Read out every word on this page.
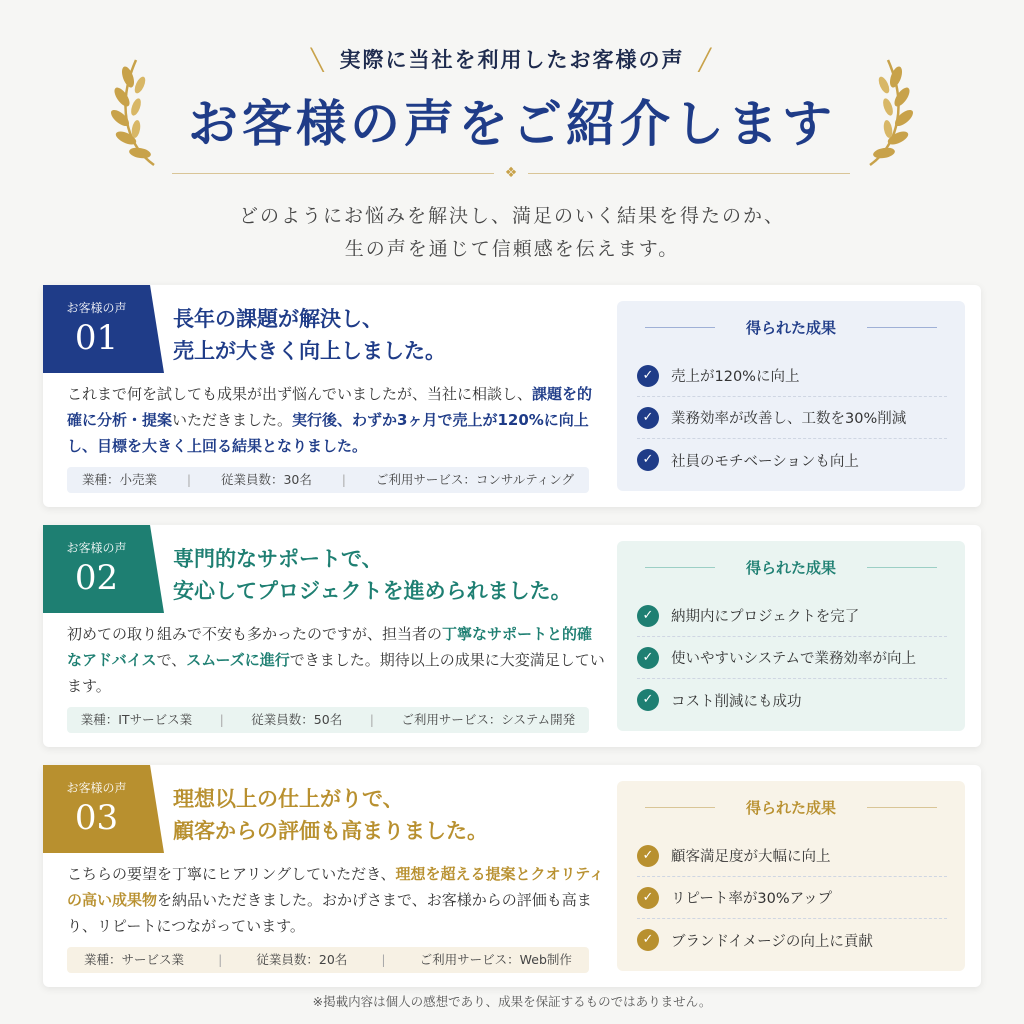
╲ 実際に当社を利用したお客様の声 ╱
お客様の声をご紹介します
❖
どのようにお悩みを解決し、満足のいく結果を得たのか、
生の声を通じて信頼感を伝えます。
お客様の声
01	長年の課題が解決し、
売上が大きく向上しました。
これまで何を試しても成果が出ず悩んでいましたが、当社に相談し、課題を的確に分析・提案いただきました。実行後、わずか3ヶ月で売上が120%に向上し、目標を大きく上回る結果となりました。
業種：小売業 | 従業員数：30名 | ご利用サービス：コンサルティング
得られた成果
✓	売上が120%に向上
✓	業務効率が改善し、工数を30%削減
✓	社員のモチベーションも向上
お客様の声
02	専門的なサポートで、
安心してプロジェクトを進められました。
初めての取り組みで不安も多かったのですが、担当者の丁寧なサポートと的確なアドバイスで、スムーズに進行できました。期待以上の成果に大変満足しています。
業種：ITサービス業 | 従業員数：50名 | ご利用サービス：システム開発
得られた成果
✓	納期内にプロジェクトを完了
✓	使いやすいシステムで業務効率が向上
✓	コスト削減にも成功
お客様の声
03	理想以上の仕上がりで、
顧客からの評価も高まりました。
こちらの要望を丁寧にヒアリングしていただき、理想を超える提案とクオリティの高い成果物を納品いただきました。おかげさまで、お客様からの評価も高まり、リピートにつながっています。
業種：サービス業	|	従業員数：20名	|	ご利用サービス：Web制作
得られた成果
✓	顧客満足度が大幅に向上
✓	リピート率が30%アップ
✓	ブランドイメージの向上に貢献
※掲載内容は個人の感想であり、成果を保証するものではありません。
